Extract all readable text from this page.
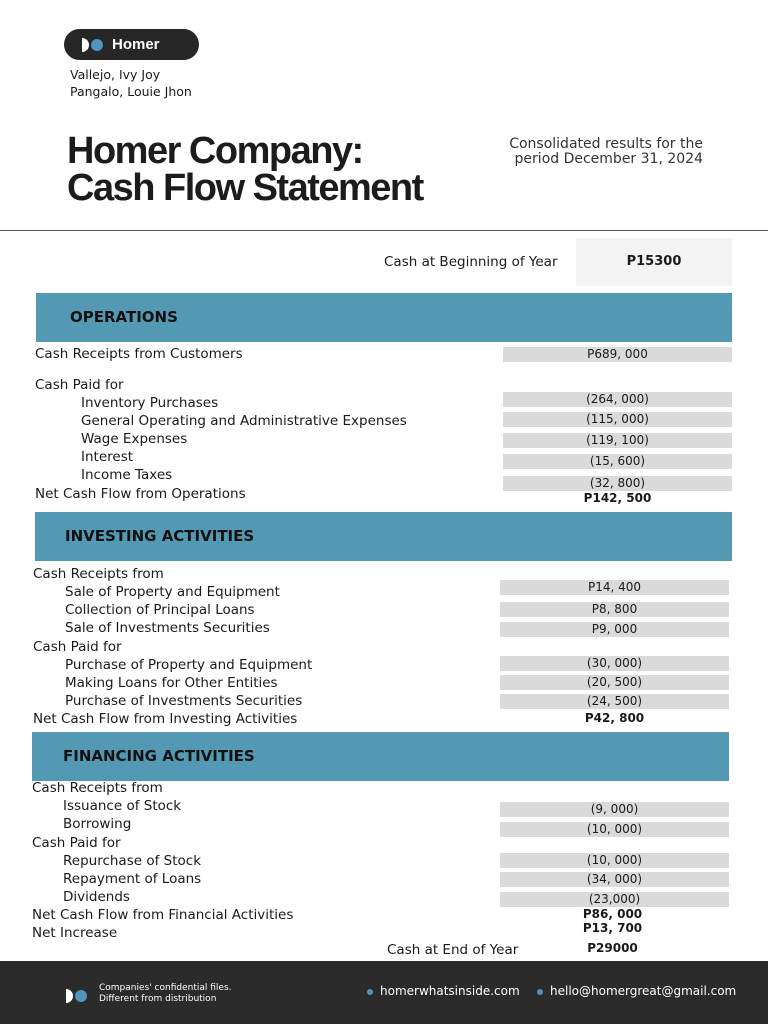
Homer
Vallejo, Ivy Joy
Pangalo, Louie Jhon
Homer Company:
Cash Flow Statement
Consolidated results for the
period December 31, 2024
Cash at Beginning of Year	P15300
OPERATIONS
Cash Receipts from Customers	P689, 000
Cash Paid for
Inventory Purchases	(264, 000)
General Operating and Administrative Expenses	(115, 000)
Wage Expenses	(119, 100)
Interest	(15, 600)
Income Taxes	(32, 800)
Net Cash Flow from Operations	P142, 500
INVESTING ACTIVITIES
Cash Receipts from
Sale of Property and Equipment	P14, 400
Collection of Principal Loans	P8, 800
Sale of Investments Securities	P9, 000
Cash Paid for
Purchase of Property and Equipment	(30, 000)
Making Loans for Other Entities	(20, 500)
Purchase of Investments Securities	(24, 500)
Net Cash Flow from Investing Activities	P42, 800
FINANCING ACTIVITIES
Cash Receipts from
Issuance of Stock	(9, 000)
Borrowing	(10, 000)
Cash Paid for
Repurchase of Stock	(10, 000)
Repayment of Loans	(34, 000)
Dividends	(23,000)
Net Cash Flow from Financial Activities	P86, 000
Net Increase	P13, 700
Cash at End of Year	P29000
Companies' confidential files.
Different from distribution
homerwhatsinside.com	hello@homergreat@gmail.com
